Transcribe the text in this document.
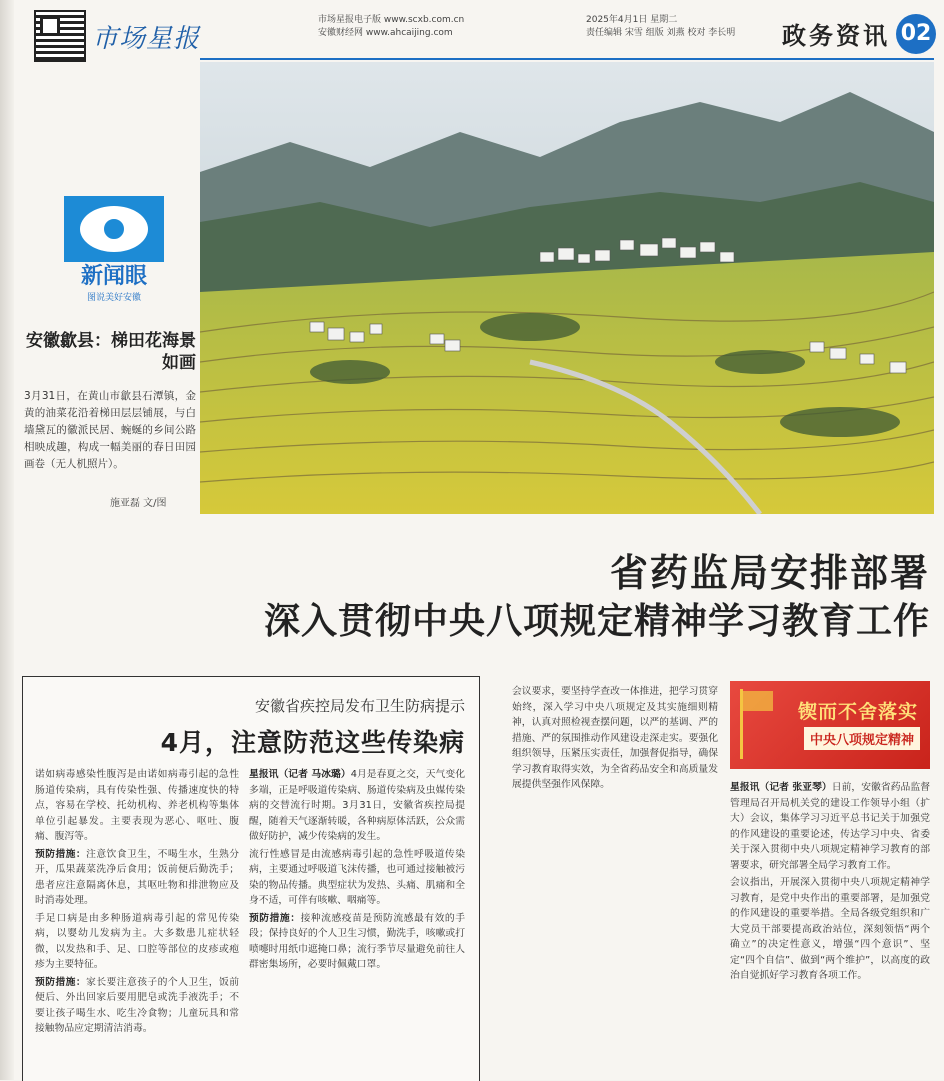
市场星报
市场星报电子版 www.scxb.com.cn
安徽财经网 www.ahcaijing.com
2025年4月1日 星期二
责任编辑 宋雪 组版 刘燕 校对 李长明 政务资讯 02
新闻眼
图说美好安徽
安徽歙县：梯田花海景如画
3月31日，在黄山市歙县石潭镇，金黄的油菜花沿着梯田层层铺展，与白墙黛瓦的徽派民居、蜿蜒的乡间公路相映成趣，构成一幅美丽的春日田园画卷（无人机照片）。
施亚磊 文/图
省药监局安排部署
深入贯彻中央八项规定精神学习教育工作
安徽省疾控局发布卫生防病提示
4月，注意防范这些传染病

星报讯（记者 马冰璐）4月是春夏之交，天气变化多端，正是呼吸道传染病、肠道传染病及虫媒传染病的交替流行时期。3月31日，安徽省疾控局提醒，随着天气逐渐转暖，各种病原体活跃，公众需做好防护，减少传染病的发生。

流行性感冒是由流感病毒引起的急性呼吸道传染病，主要通过呼吸道飞沫传播，也可通过接触被污染的物品传播。典型症状为发热、头痛、肌痛和全身不适，可伴有咳嗽、咽痛等。

预防措施：接种流感疫苗是预防流感最有效的手段；保持良好的个人卫生习惯，勤洗手，咳嗽或打喷嚏时用纸巾遮掩口鼻；流行季节尽量避免前往人群密集场所，必要时佩戴口罩。

诺如病毒感染性腹泻是由诺如病毒引起的急性肠道传染病，具有传染性强、传播速度快的特点，容易在学校、托幼机构、养老机构等集体单位引起暴发。主要表现为恶心、呕吐、腹痛、腹泻等。

预防措施：注意饮食卫生，不喝生水，生熟分开，瓜果蔬菜洗净后食用；饭前便后勤洗手；患者应注意隔离休息，其呕吐物和排泄物应及时消毒处理。

手足口病是由多种肠道病毒引起的常见传染病，以婴幼儿发病为主。大多数患儿症状轻微，以发热和手、足、口腔等部位的皮疹或疱疹为主要特征。

预防措施：家长要注意孩子的个人卫生，饭前便后、外出回家后要用肥皂或洗手液洗手；不要让孩子喝生水、吃生冷食物；儿童玩具和常接触物品应定期清洁消毒。

锲而不舍落实
中央八项规定精神

星报讯（记者 张亚琴）日前，安徽省药品监督管理局召开局机关党的建设工作领导小组（扩大）会议，集体学习习近平总书记关于加强党的作风建设的重要论述，传达学习中央、省委关于深入贯彻中央八项规定精神学习教育的部署要求，研究部署全局学习教育工作。

会议指出，开展深入贯彻中央八项规定精神学习教育，是党中央作出的重要部署，是加强党的作风建设的重要举措。全局各级党组织和广大党员干部要提高政治站位，深刻领悟“两个确立”的决定性意义，增强“四个意识”、坚定“四个自信”、做到“两个维护”，以高度的政治自觉抓好学习教育各项工作。

会议要求，要坚持学查改一体推进，把学习贯穿始终，深入学习中央八项规定及其实施细则精神，认真对照检视查摆问题，以严的基调、严的措施、严的氛围推动作风建设走深走实。要强化组织领导，压紧压实责任，加强督促指导，确保学习教育取得实效，为全省药品安全和高质量发展提供坚强作风保障。
